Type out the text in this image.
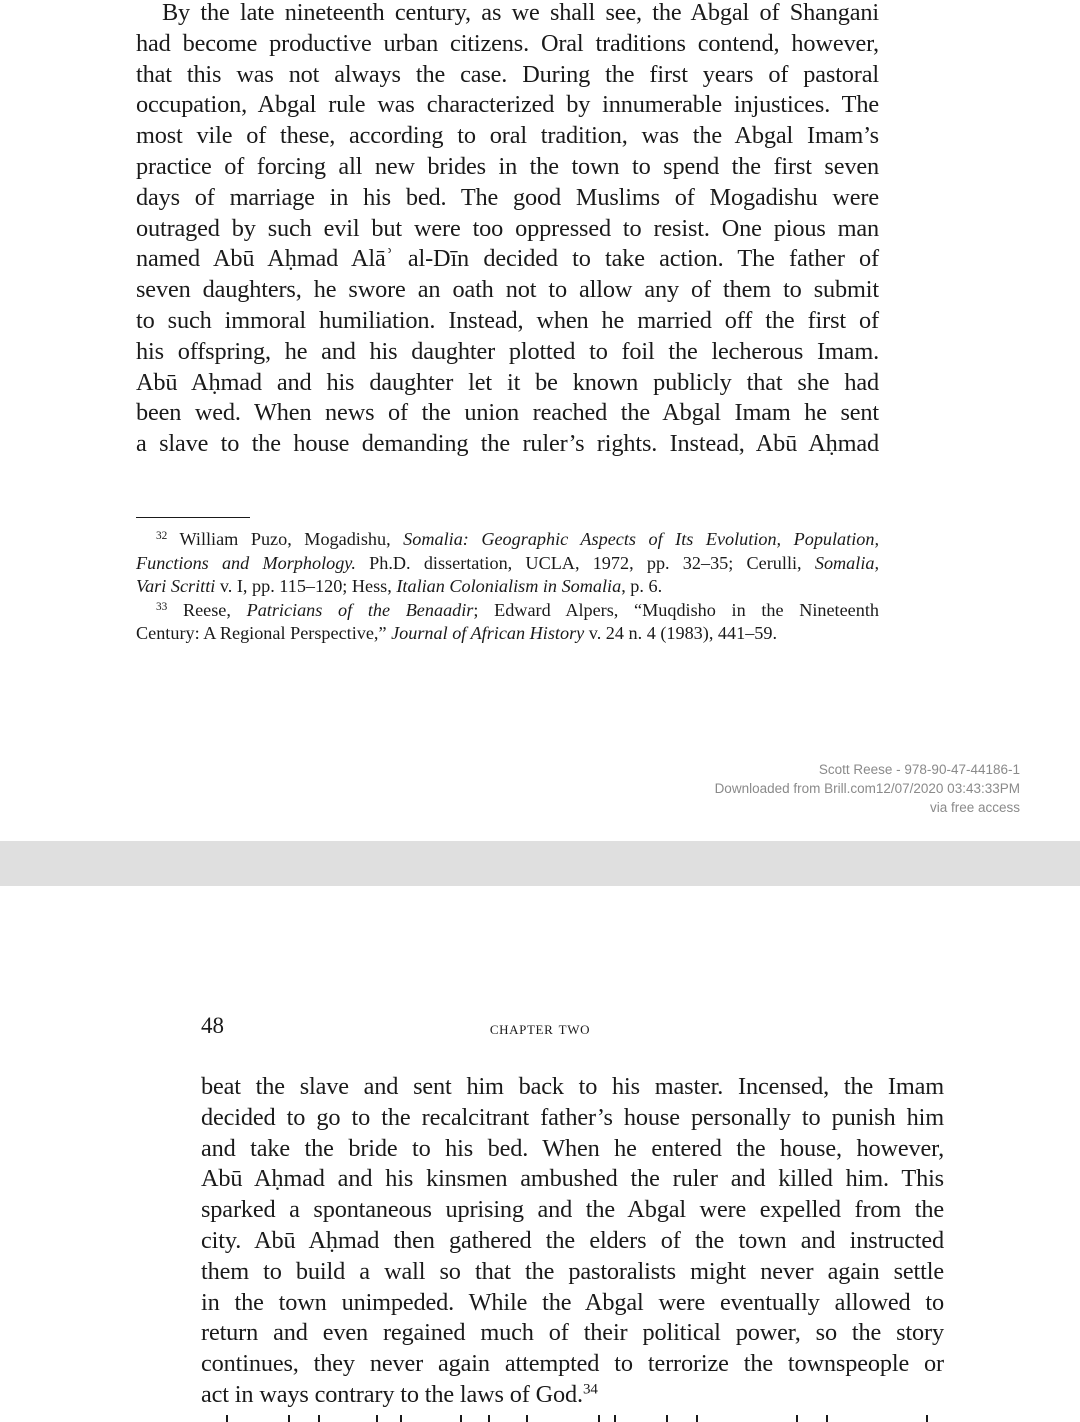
By the late nineteenth century, as we shall see, the Abgal of Shangani
had become productive urban citizens. Oral traditions contend, however,
that this was not always the case. During the first years of pastoral
occupation, Abgal rule was characterized by innumerable injustices. The
most vile of these, according to oral tradition, was the Abgal Imam’s
practice of forcing all new brides in the town to spend the first seven
days of marriage in his bed. The good Muslims of Mogadishu were
outraged by such evil but were too oppressed to resist. One pious man
named Abū Aḥmad Alāʾ al-Dīn decided to take action. The father of
seven daughters, he swore an oath not to allow any of them to submit
to such immoral humiliation. Instead, when he married off the first of
his offspring, he and his daughter plotted to foil the lecherous Imam.
Abū Aḥmad and his daughter let it be known publicly that she had
been wed. When news of the union reached the Abgal Imam he sent
a slave to the house demanding the ruler’s rights. Instead, Abū Aḥmad
$^{32}$ William Puzo, Mogadishu, Somalia: Geographic Aspects of Its Evolution, Population,
Functions and Morphology. Ph.D. dissertation, UCLA, 1972, pp. 32–35; Cerulli, Somalia,
Vari Scritti v. I, pp. 115–120; Hess, Italian Colonialism in Somalia, p. 6.
$^{33}$ Reese, Patricians of the Benaadir; Edward Alpers, “Muqdisho in the Nineteenth
Century: A Regional Perspective,” Journal of African History v. 24 n. 4 (1983), 441–59.
Scott Reese - 978-90-47-44186-1
Downloaded from Brill.com12/07/2020 03:43:33PM
via free access
48	chapter two
beat the slave and sent him back to his master. Incensed, the Imam
decided to go to the recalcitrant father’s house personally to punish him
and take the bride to his bed. When he entered the house, however,
Abū Aḥmad and his kinsmen ambushed the ruler and killed him. This
sparked a spontaneous uprising and the Abgal were expelled from the
city. Abū Aḥmad then gathered the elders of the town and instructed
them to build a wall so that the pastoralists might never again settle
in the town unimpeded. While the Abgal were eventually allowed to
return and even regained much of their political power, so the story
continues, they never again attempted to terrorize the townspeople or
act in ways contrary to the laws of God.$^{34}$
